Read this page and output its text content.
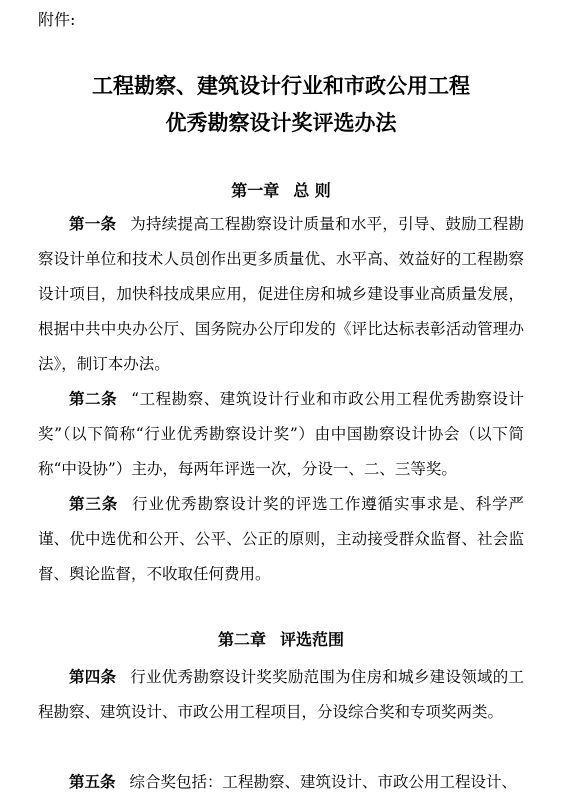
附件:
工程勘察、建筑设计行业和市政公用工程
优秀勘察设计奖评选办法
第一章 总 则
第一条 为持续提高工程勘察设计质量和水平，引导、鼓励工程勘察设计单位和技术人员创作出更多质量优、水平高、效益好的工程勘察设计项目，加快科技成果应用，促进住房和城乡建设事业高质量发展，根据中共中央办公厅、国务院办公厅印发的《评比达标表彰活动管理办法》，制订本办法。
第二条 “工程勘察、建筑设计行业和市政公用工程优秀勘察设计奖”（以下简称“行业优秀勘察设计奖”）由中国勘察设计协会（以下简称“中设协”）主办，每两年评选一次，分设一、二、三等奖。
第三条 行业优秀勘察设计奖的评选工作遵循实事求是、科学严谨、优中选优和公开、公平、公正的原则，主动接受群众监督、社会监督、舆论监督，不收取任何费用。
第二章 评选范围
第四条 行业优秀勘察设计奖奖励范围为住房和城乡建设领域的工程勘察、建筑设计、市政公用工程项目，分设综合奖和专项奖两类。
第五条 综合奖包括：工程勘察、建筑设计、市政公用工程设计、
